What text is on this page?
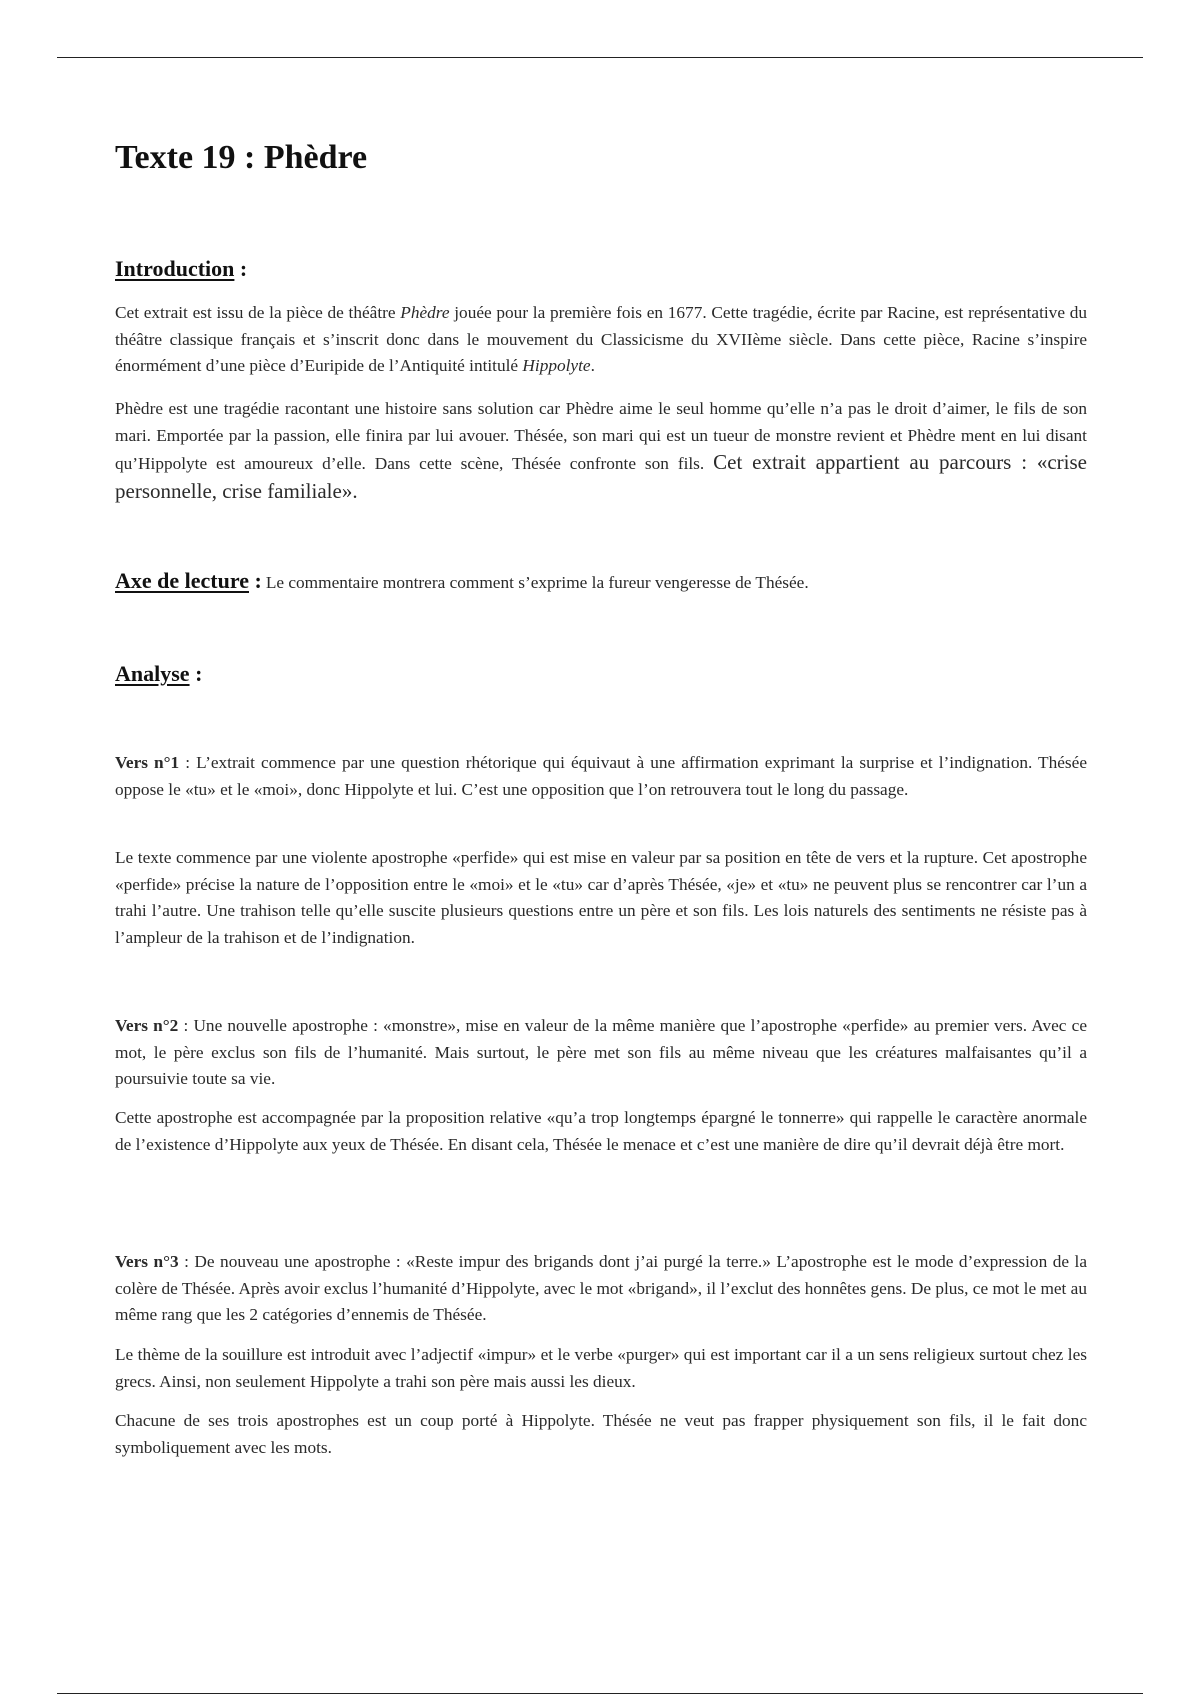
Texte 19 : Phèdre
Introduction :

Cet extrait est issu de la pièce de théâtre Phèdre jouée pour la première fois en 1677. Cette tragédie, écrite par Racine, est représentative du théâtre classique français et s’inscrit donc dans le mouvement du Classicisme du XVIIème siècle. Dans cette pièce, Racine s’inspire énormément d’une pièce d’Euripide de l’Antiquité intitulé Hippolyte.

Phèdre est une tragédie racontant une histoire sans solution car Phèdre aime le seul homme qu’elle n’a pas le droit d’aimer, le fils de son mari. Emportée par la passion, elle finira par lui avouer. Thésée, son mari qui est un tueur de monstre revient et Phèdre ment en lui disant qu’Hippolyte est amoureux d’elle. Dans cette scène, Thésée confronte son fils. Cet extrait appartient au parcours : «crise personnelle, crise familiale».

Axe de lecture : Le commentaire montrera comment s’exprime la fureur vengeresse de Thésée.
Analyse :

Vers n°1 : L’extrait commence par une question rhétorique qui équivaut à une affirmation exprimant la surprise et l’indignation. Thésée oppose le «tu» et le «moi», donc Hippolyte et lui. C’est une opposition que l’on retrouvera tout le long du passage.

Le texte commence par une violente apostrophe «perfide» qui est mise en valeur par sa position en tête de vers et la rupture. Cet apostrophe «perfide» précise la nature de l’opposition entre le «moi» et le «tu» car d’après Thésée, «je» et «tu» ne peuvent plus se rencontrer car l’un a trahi l’autre. Une trahison telle qu’elle suscite plusieurs questions entre un père et son fils. Les lois naturels des sentiments ne résiste pas à l’ampleur de la trahison et de l’indignation.

Vers n°2 : Une nouvelle apostrophe : «monstre», mise en valeur de la même manière que l’apostrophe «perfide» au premier vers. Avec ce mot, le père exclus son fils de l’humanité. Mais surtout, le père met son fils au même niveau que les créatures malfaisantes qu’il a poursuivie toute sa vie.

Cette apostrophe est accompagnée par la proposition relative «qu’a trop longtemps épargné le tonnerre» qui rappelle le caractère anormale de l’existence d’Hippolyte aux yeux de Thésée. En disant cela, Thésée le menace et c’est une manière de dire qu’il devrait déjà être mort.

Vers n°3 : De nouveau une apostrophe : «Reste impur des brigands dont j’ai purgé la terre.» L’apostrophe est le mode d’expression de la colère de Thésée. Après avoir exclus l’humanité d’Hippolyte, avec le mot «brigand», il l’exclut des honnêtes gens. De plus, ce mot le met au même rang que les 2 catégories d’ennemis de Thésée.

Le thème de la souillure est introduit avec l’adjectif «impur» et le verbe «purger» qui est important car il a un sens religieux surtout chez les grecs. Ainsi, non seulement Hippolyte a trahi son père mais aussi les dieux.

Chacune de ses trois apostrophes est un coup porté à Hippolyte. Thésée ne veut pas frapper physiquement son fils, il le fait donc symboliquement avec les mots.
